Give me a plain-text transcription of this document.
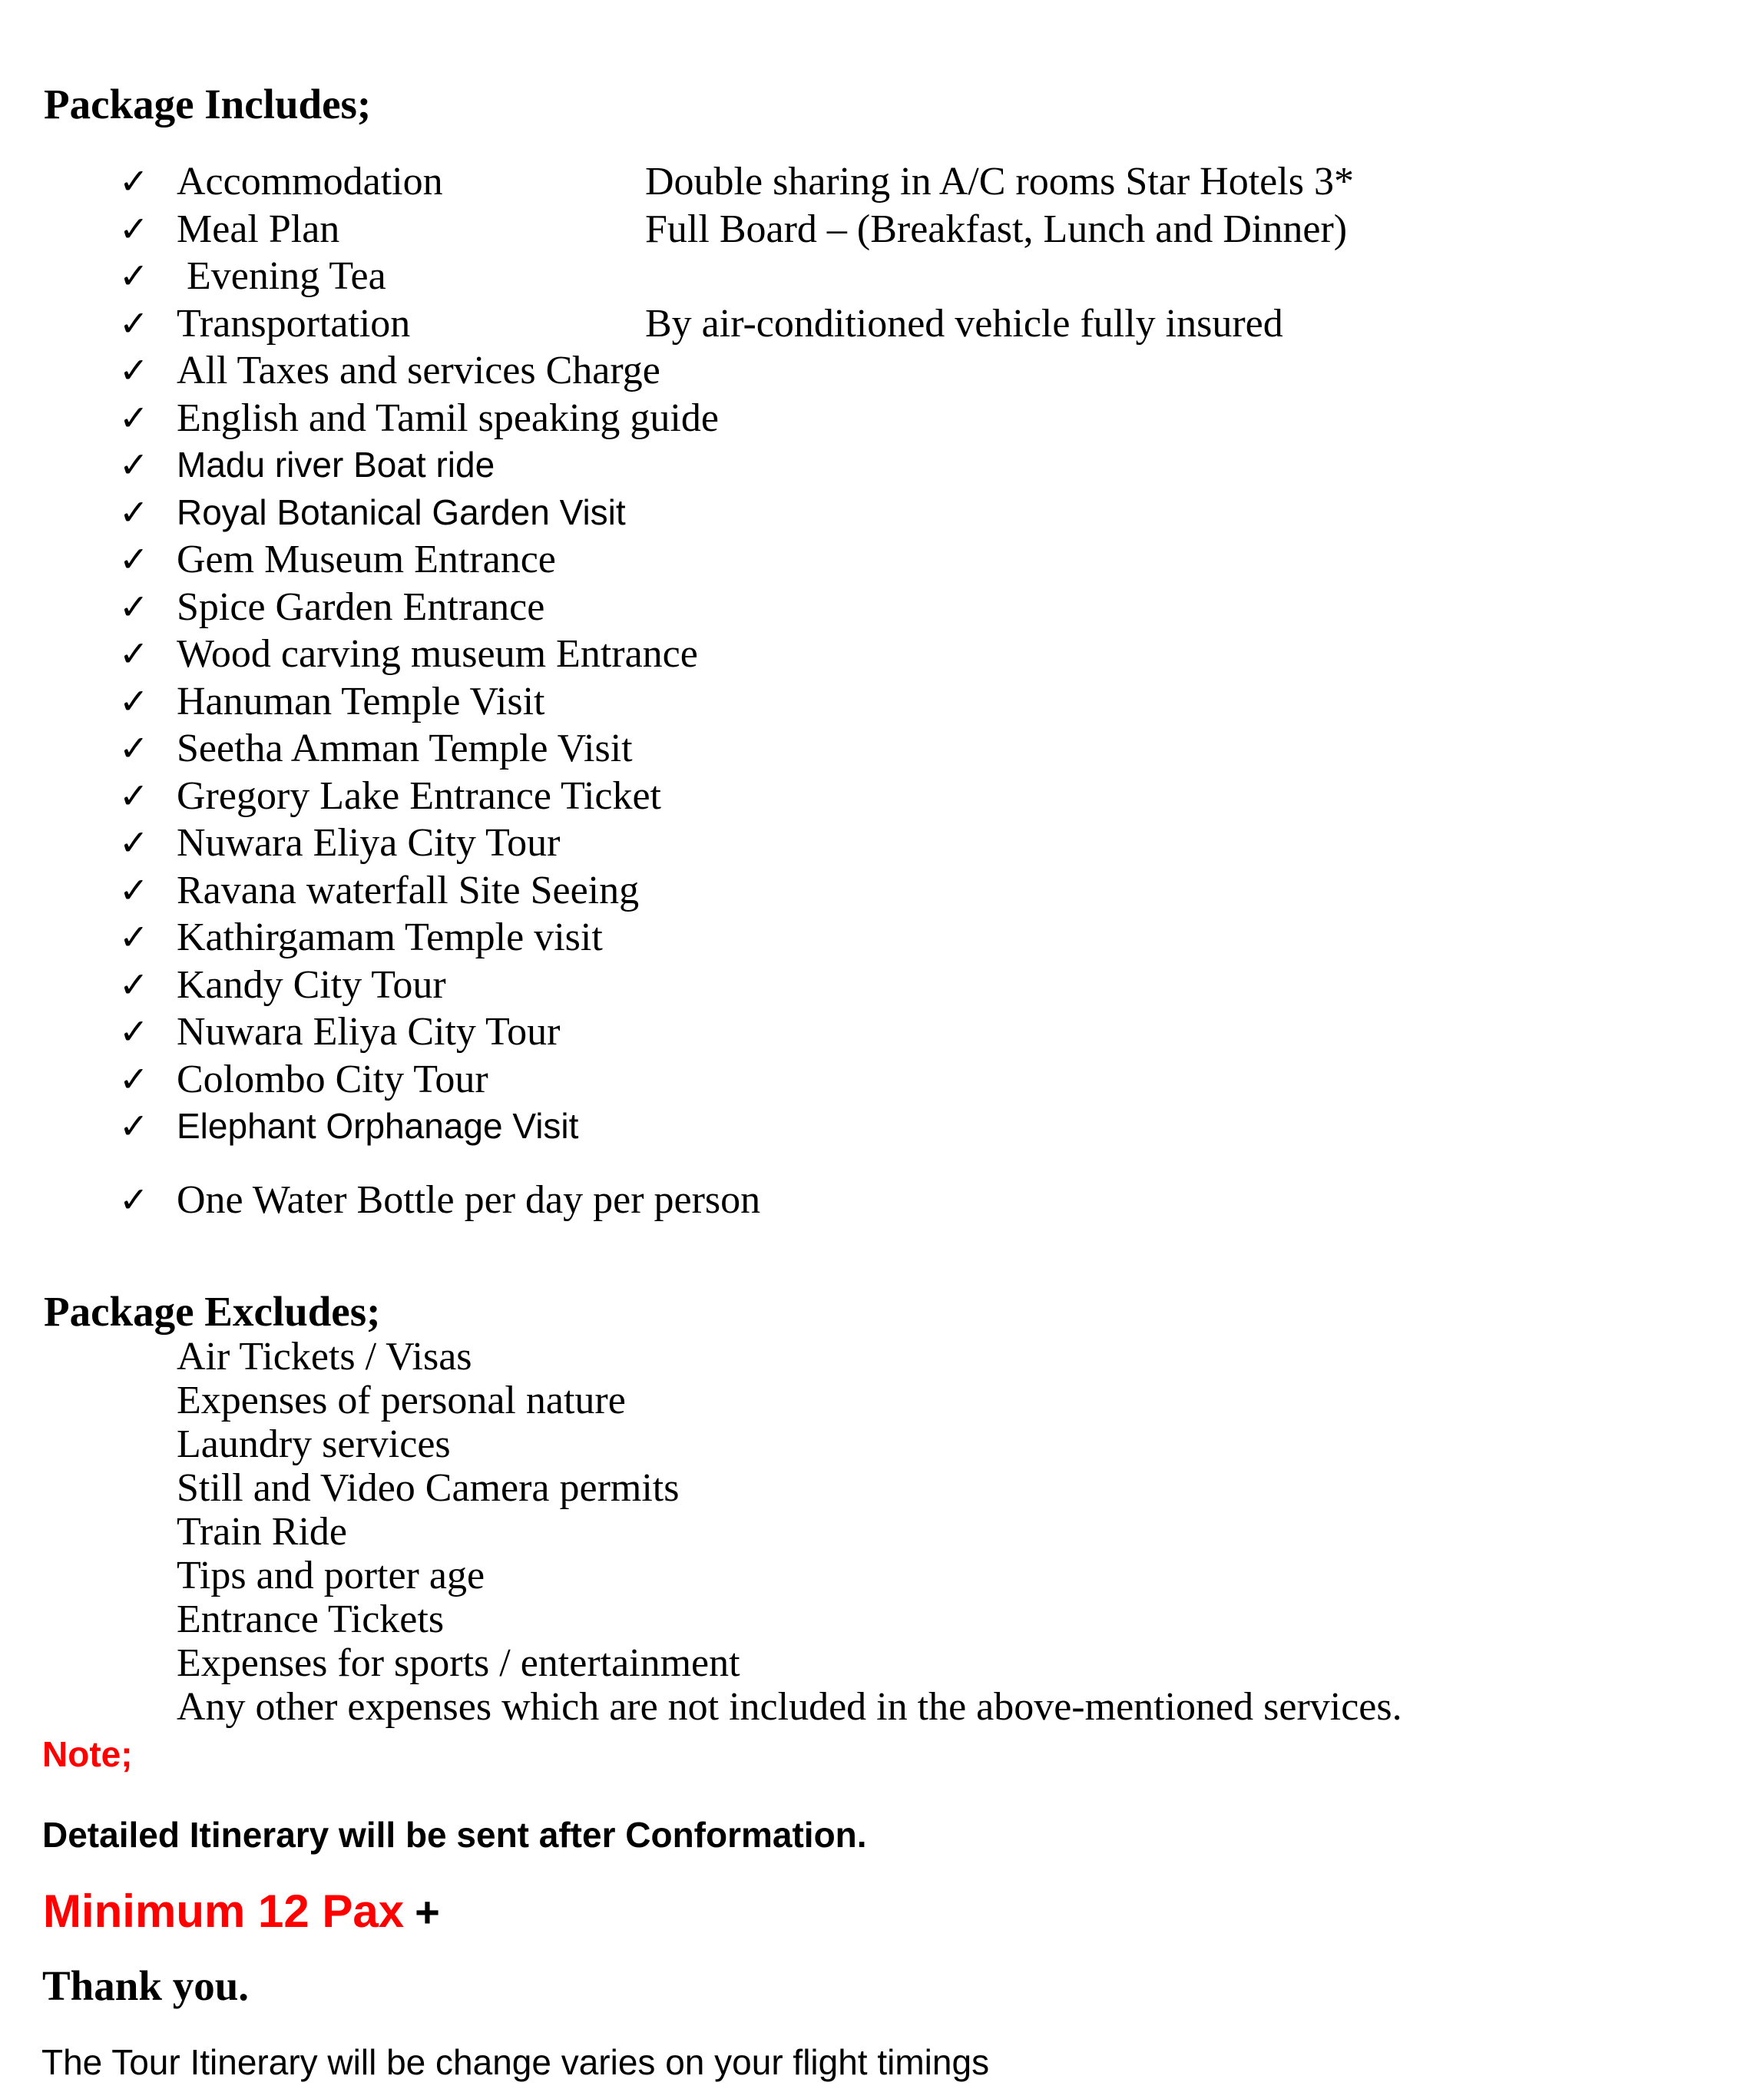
Package Includes;
✓ Accommodation	Double sharing in A/C rooms Star Hotels 3*
✓ Meal Plan	Full Board – (Breakfast, Lunch and Dinner)
✓ Evening Tea
✓ Transportation	By air-conditioned vehicle fully insured
✓ All Taxes and services Charge
✓ English and Tamil speaking guide
✓ Madu river Boat ride
✓ Royal Botanical Garden Visit
✓ Gem Museum Entrance
✓ Spice Garden Entrance
✓ Wood carving museum Entrance
✓ Hanuman Temple Visit
✓ Seetha Amman Temple Visit
✓ Gregory Lake Entrance Ticket
✓ Nuwara Eliya City Tour
✓ Ravana waterfall Site Seeing
✓ Kathirgamam Temple visit
✓ Kandy City Tour
✓ Nuwara Eliya City Tour
✓ Colombo City Tour
✓ Elephant Orphanage Visit
✓ One Water Bottle per day per person
Package Excludes;
Air Tickets / Visas
Expenses of personal nature
Laundry services
Still and Video Camera permits
Train Ride
Tips and porter age
Entrance Tickets
Expenses for sports / entertainment
Any other expenses which are not included in the above-mentioned services.

Note;

Detailed Itinerary will be sent after Conformation.

Minimum 12 Pax +

Thank you.

The Tour Itinerary will be change varies on your flight timings
